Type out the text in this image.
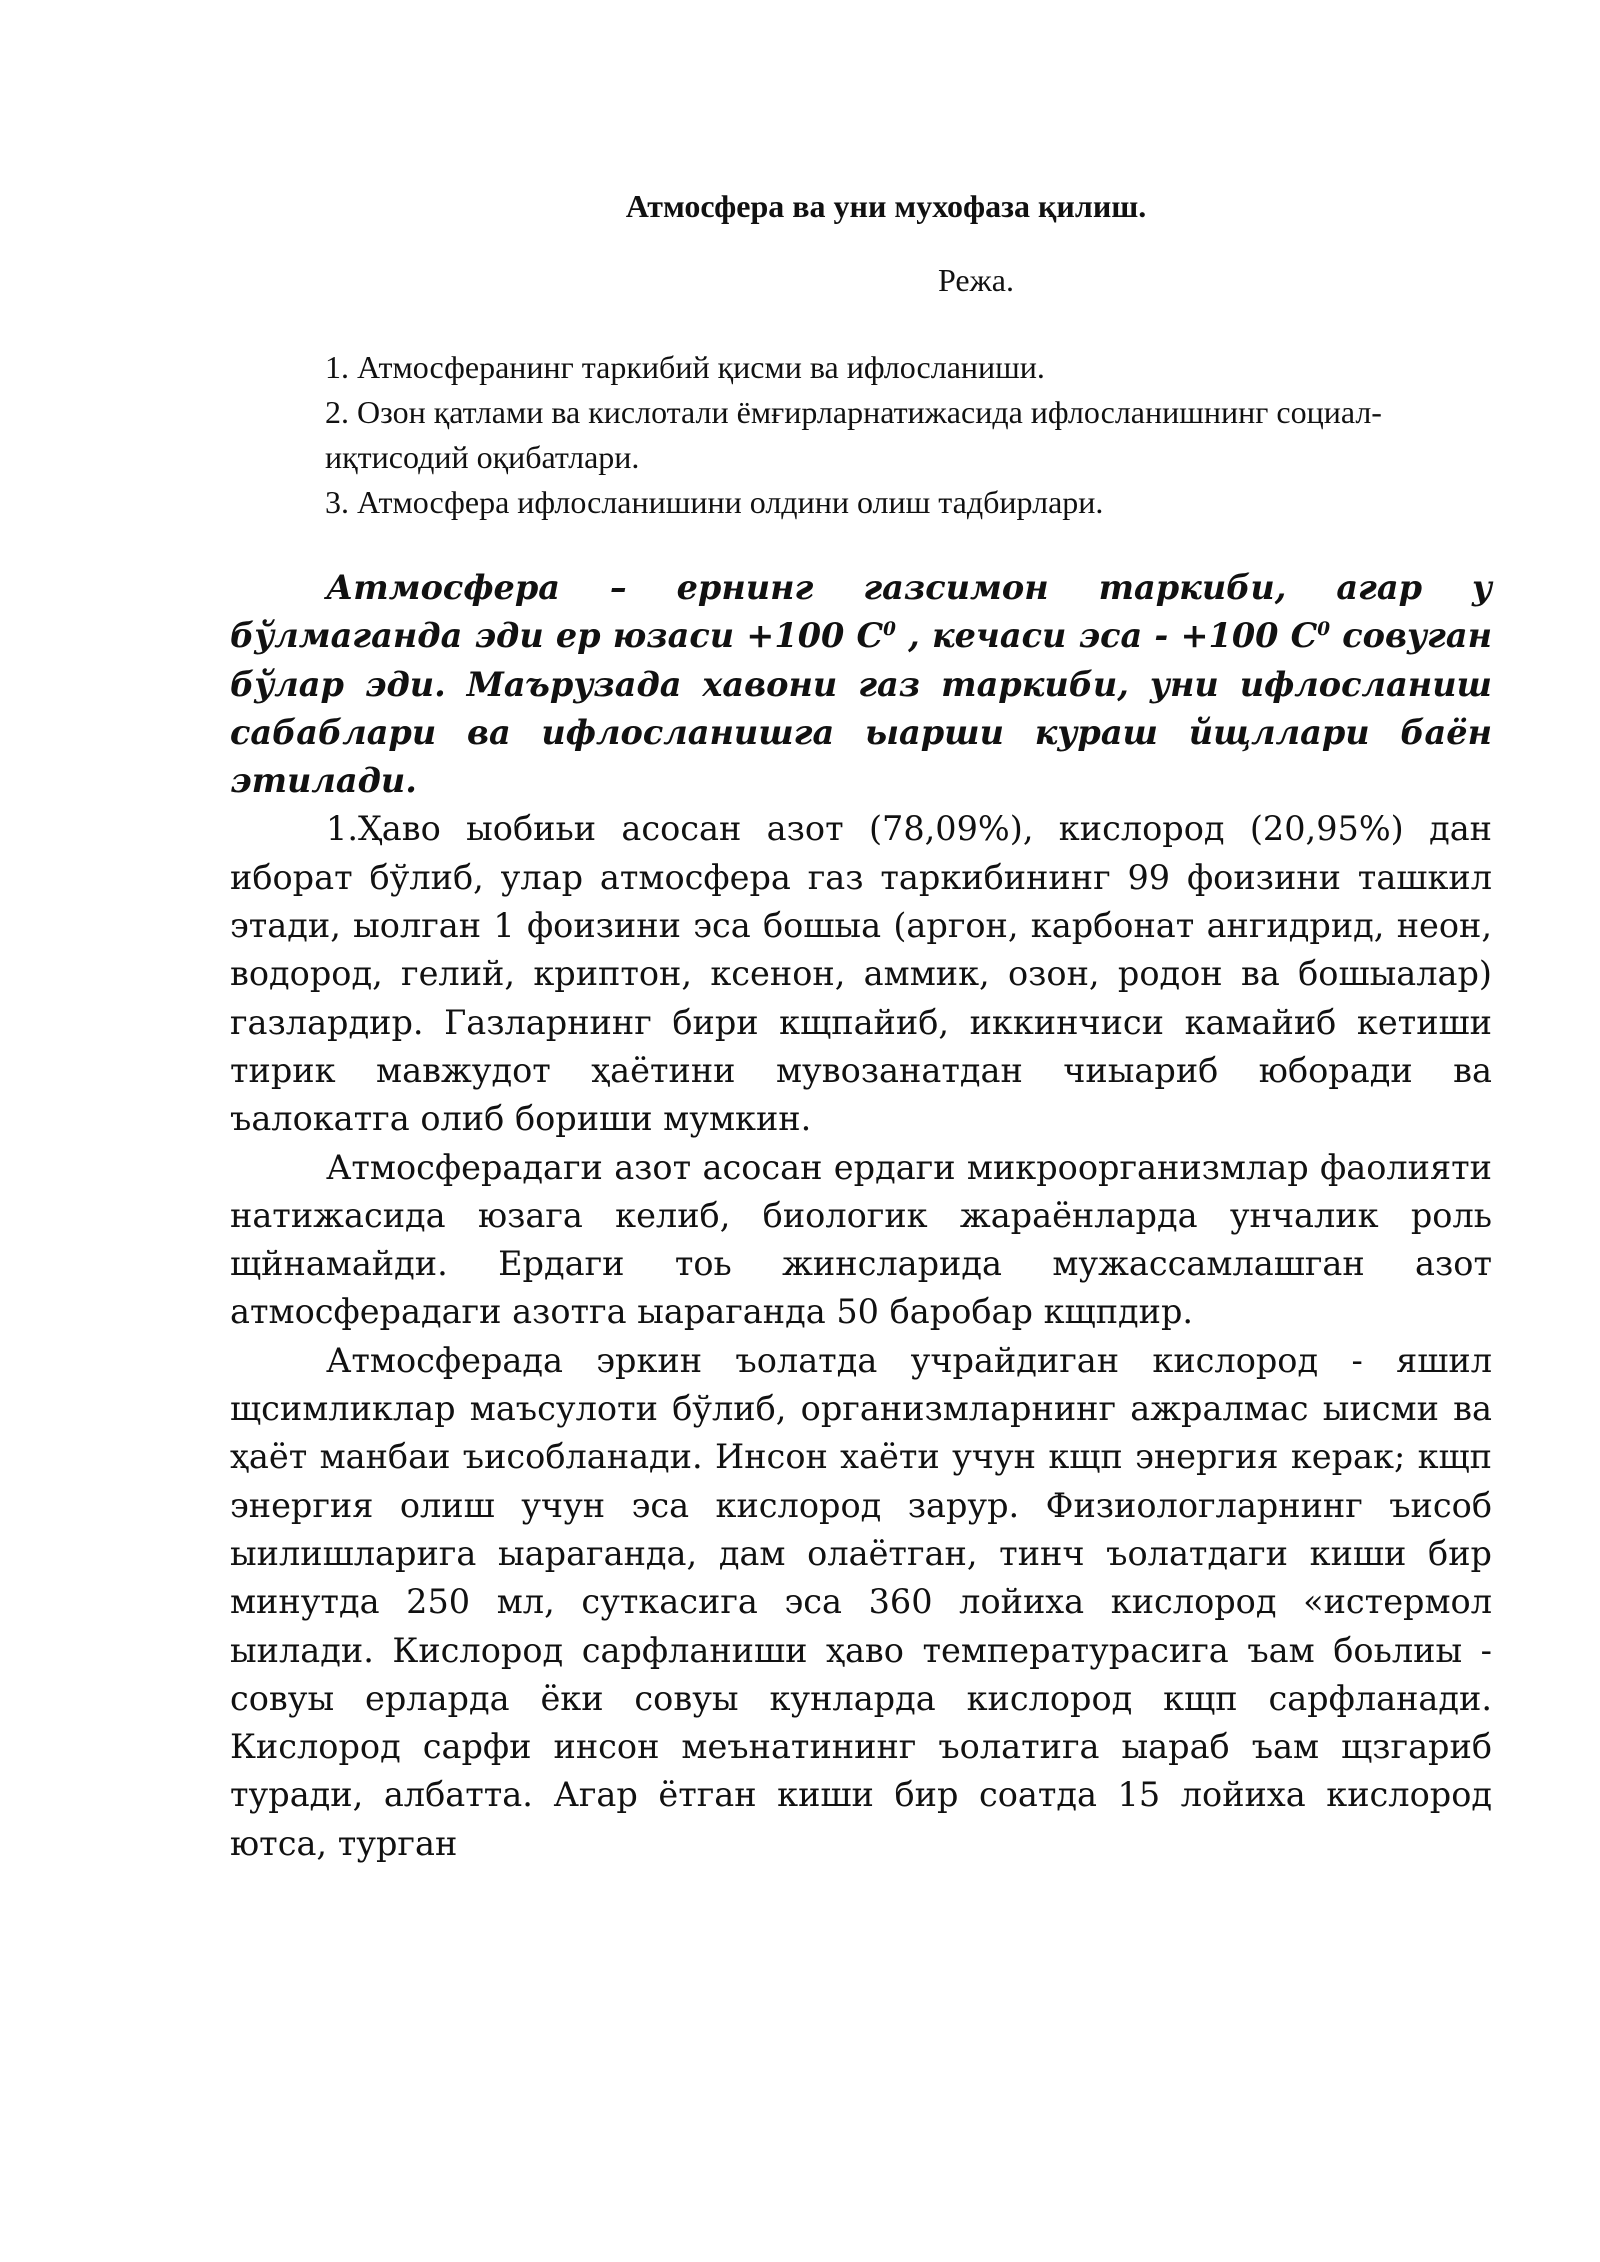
Атмосфера ва уни мухофаза қилиш.
Режа.
1. Атмосферанинг таркибий қисми ва ифлосланиши.
2. Озон қатлами ва кислотали ёмғирларнатижасида ифлосланишнинг социал-иқтисодий оқибатлари.
3. Атмосфера ифлосланишини олдини олиш тадбирлари.

Атмосфера – ернинг газсимон таркиби, агар у бўлмаганда эди ер юзаси +100 $С^0$ , кечаси эса - +100 $С^0$ совуган бўлар эди. Маърузада хавони газ таркиби, уни ифлосланиш сабаблари ва ифлосланишга ыарши кураш йщллари баён этилади.

1.Ҳаво ыобиьи асосан азот (78,09%), кислород (20,95%) дан иборат бўлиб, улар атмосфера газ таркибининг 99 фоизини ташкил этади, ыолган 1 фоизини эса бошыа (аргон, карбонат ангидрид, неон, водород, гелий, криптон, ксенон, аммик, озон, родон ва бошыалар) газлардир. Газларнинг бири кщпайиб, иккинчиси камайиб кетиши тирик мавжудот ҳаётини мувозанатдан чиыариб юборади ва ъалокатга олиб бориши мумкин.

Атмосферадаги азот асосан ердаги микроорганизмлар фаолияти натижасида юзага келиб, биологик жараёнларда унчалик роль щйнамайди. Ердаги тоь жинсларида мужассамлашган азот атмосферадаги азотга ыараганда 50 баробар кщпдир.

Атмосферада эркин ъолатда учрайдиган кислород - яшил щсимликлар маъсулоти бўлиб, организмларнинг ажралмас ыисми ва ҳаёт манбаи ъисобланади. Инсон хаёти учун кщп энергия керак; кщп энергия олиш учун эса кислород зарур. Физиологларнинг ъисоб ыилишларига ыараганда, дам олаётган, тинч ъолатдаги киши бир минутда 250 мл, суткасига эса 360 лойиха кислород «истермол ыилади. Кислород сарфланиши ҳаво температурасига ъам боьлиы - совуы ерларда ёки совуы кунларда кислород кщп сарфланади. Кислород сарфи инсон меънатининг ъолатига ыараб ъам щзгариб туради, албатта. Агар ётган киши бир соатда 15 лойиха кислород ютса, турган
